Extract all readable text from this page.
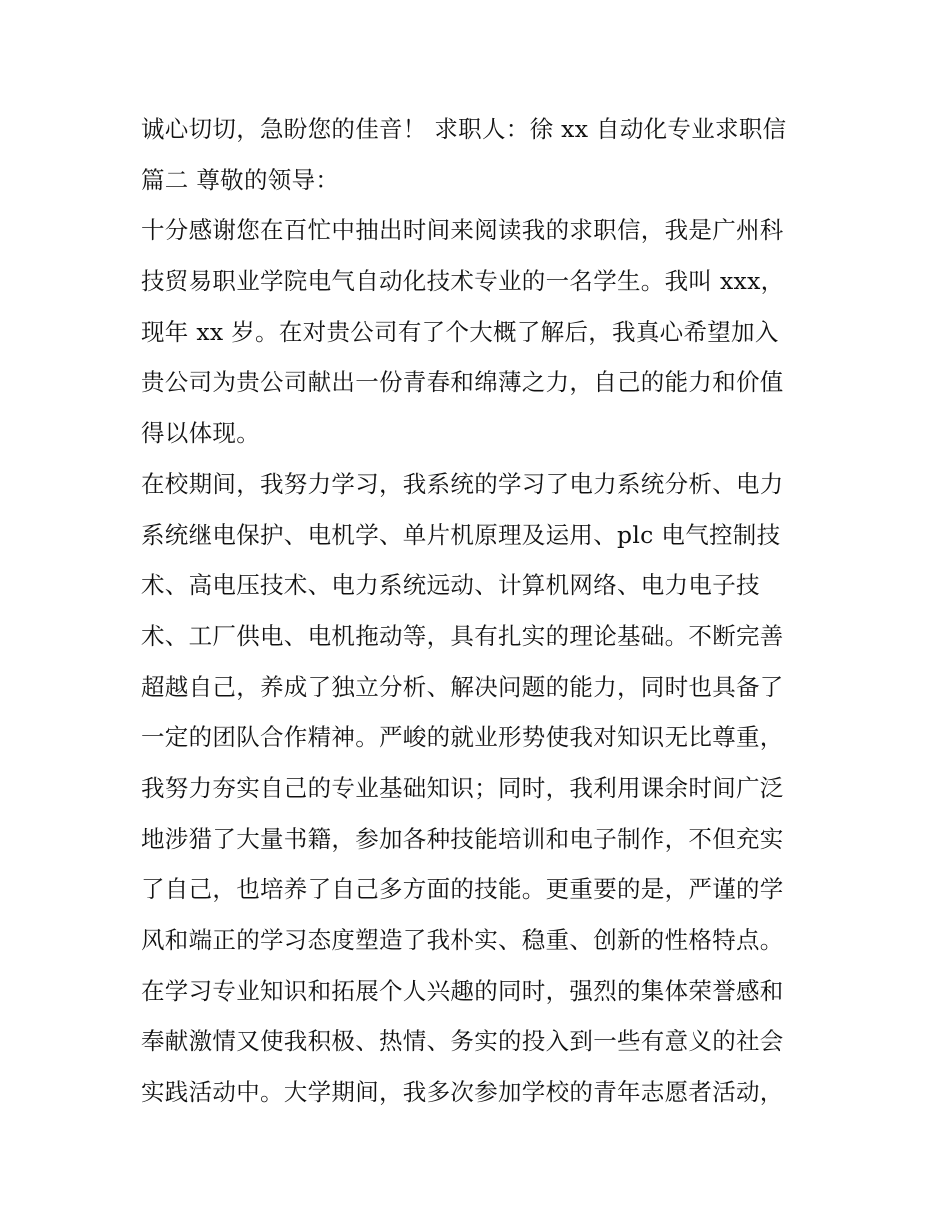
诚心切切，急盼您的佳音！ 求职人：徐 xx 自动化专业求职信
篇二 尊敬的领导：
十分感谢您在百忙中抽出时间来阅读我的求职信，我是广州科
技贸易职业学院电气自动化技术专业的一名学生。我叫 xxx，
现年 xx 岁。在对贵公司有了个大概了解后，我真心希望加入
贵公司为贵公司献出一份青春和绵薄之力，自己的能力和价值
得以体现。
在校期间，我努力学习，我系统的学习了电力系统分析、电力
系统继电保护、电机学、单片机原理及运用、plc 电气控制技
术、高电压技术、电力系统远动、计算机网络、电力电子技
术、工厂供电、电机拖动等，具有扎实的理论基础。不断完善
超越自己，养成了独立分析、解决问题的能力，同时也具备了
一定的团队合作精神。严峻的就业形势使我对知识无比尊重，
我努力夯实自己的专业基础知识；同时，我利用课余时间广泛
地涉猎了大量书籍，参加各种技能培训和电子制作，不但充实
了自己，也培养了自己多方面的技能。更重要的是，严谨的学
风和端正的学习态度塑造了我朴实、稳重、创新的性格特点。
在学习专业知识和拓展个人兴趣的同时，强烈的集体荣誉感和
奉献激情又使我积极、热情、务实的投入到一些有意义的社会
实践活动中。大学期间，我多次参加学校的青年志愿者活动，
